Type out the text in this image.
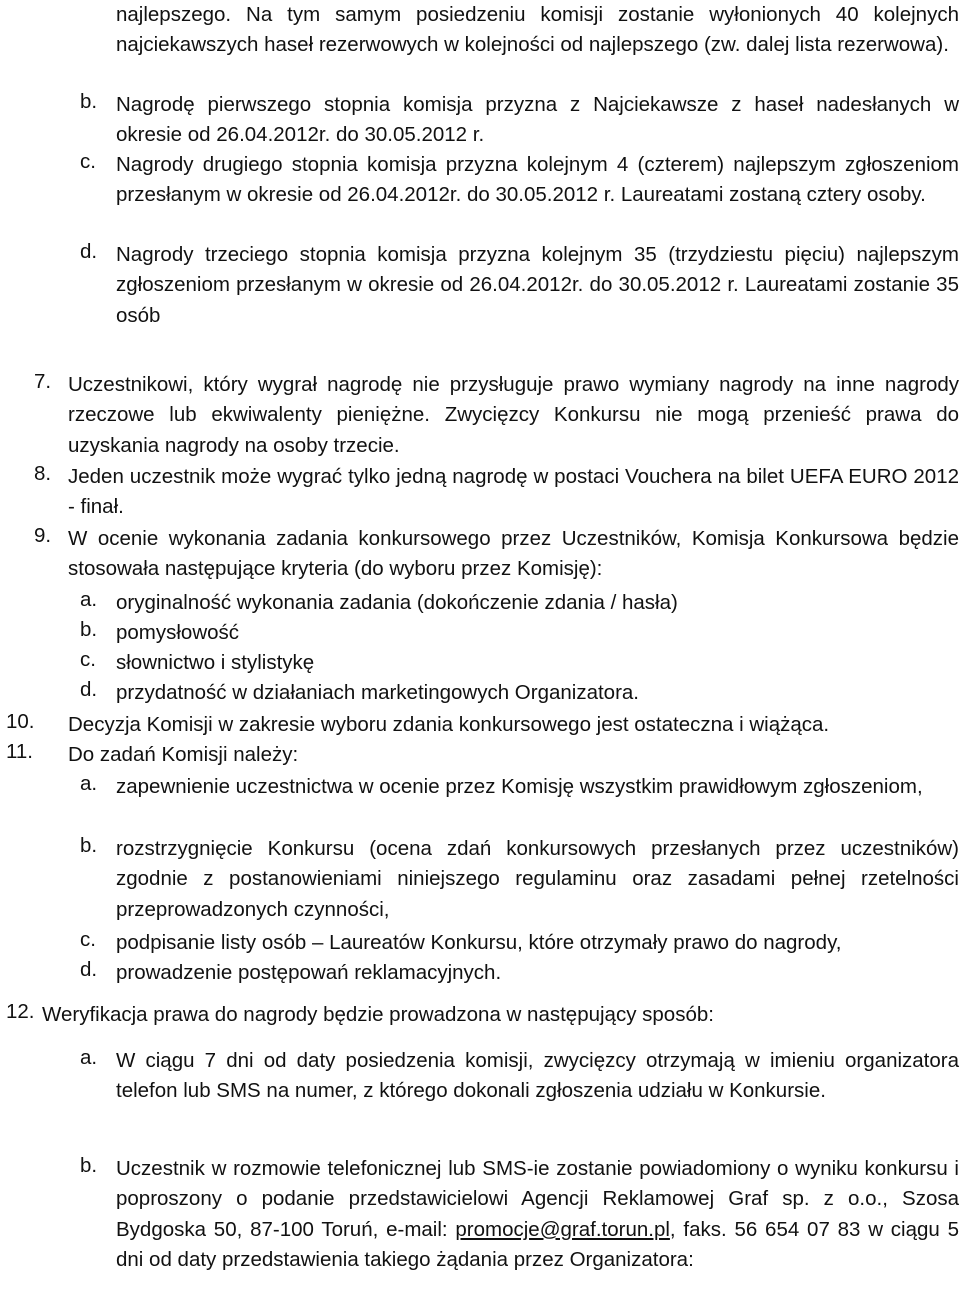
najlepszego. Na tym samym posiedzeniu komisji zostanie wyłonionych 40 kolejnych najciekawszych haseł rezerwowych w kolejności od najlepszego (zw. dalej lista rezerwowa).
b. Nagrodę pierwszego stopnia komisja przyzna z Najciekawsze z haseł nadesłanych w okresie od 26.04.2012r. do 30.05.2012 r.
c. Nagrody drugiego stopnia komisja przyzna kolejnym 4 (czterem) najlepszym zgłoszeniom przesłanym w okresie od 26.04.2012r. do 30.05.2012 r. Laureatami zostaną cztery osoby.
d. Nagrody trzeciego stopnia komisja przyzna kolejnym 35 (trzydziestu pięciu) najlepszym zgłoszeniom przesłanym w okresie od 26.04.2012r. do 30.05.2012 r. Laureatami zostanie 35 osób
7. Uczestnikowi, który wygrał nagrodę nie przysługuje prawo wymiany nagrody na inne nagrody rzeczowe lub ekwiwalenty pieniężne. Zwycięzcy Konkursu nie mogą przenieść prawa do uzyskania nagrody na osoby trzecie.
8. Jeden uczestnik może wygrać tylko jedną nagrodę w postaci Vouchera na bilet UEFA EURO 2012 - finał.
9. W ocenie wykonania zadania konkursowego przez Uczestników, Komisja Konkursowa będzie stosowała następujące kryteria (do wyboru przez Komisję):
a. oryginalność wykonania zadania (dokończenie zdania / hasła)
b. pomysłowość
c. słownictwo i stylistykę
d. przydatność w działaniach marketingowych Organizatora.
10.	Decyzja Komisji w zakresie wyboru zdania konkursowego jest ostateczna i wiążąca.
11.	Do zadań Komisji należy:
a. zapewnienie uczestnictwa w ocenie przez Komisję wszystkim prawidłowym zgłoszeniom,
b. rozstrzygnięcie Konkursu (ocena zdań konkursowych przesłanych przez uczestników) zgodnie z postanowieniami niniejszego regulaminu oraz zasadami pełnej rzetelności przeprowadzonych czynności,
c. podpisanie listy osób – Laureatów Konkursu, które otrzymały prawo do nagrody,
d. prowadzenie postępowań reklamacyjnych.
12. Weryfikacja prawa do nagrody będzie prowadzona w następujący sposób:
a. W ciągu 7 dni od daty posiedzenia komisji, zwycięzcy otrzymają w imieniu organizatora telefon lub SMS na numer, z którego dokonali zgłoszenia udziału w Konkursie.
b. Uczestnik w rozmowie telefonicznej lub SMS-ie zostanie powiadomiony o wyniku konkursu i poproszony o podanie przedstawicielowi Agencji Reklamowej Graf sp. z o.o., Szosa Bydgoska 50, 87-100 Toruń, e-mail: promocje@graf.torun.pl, faks. 56 654 07 83 w ciągu 5 dni od daty przedstawienia takiego żądania przez Organizatora:
